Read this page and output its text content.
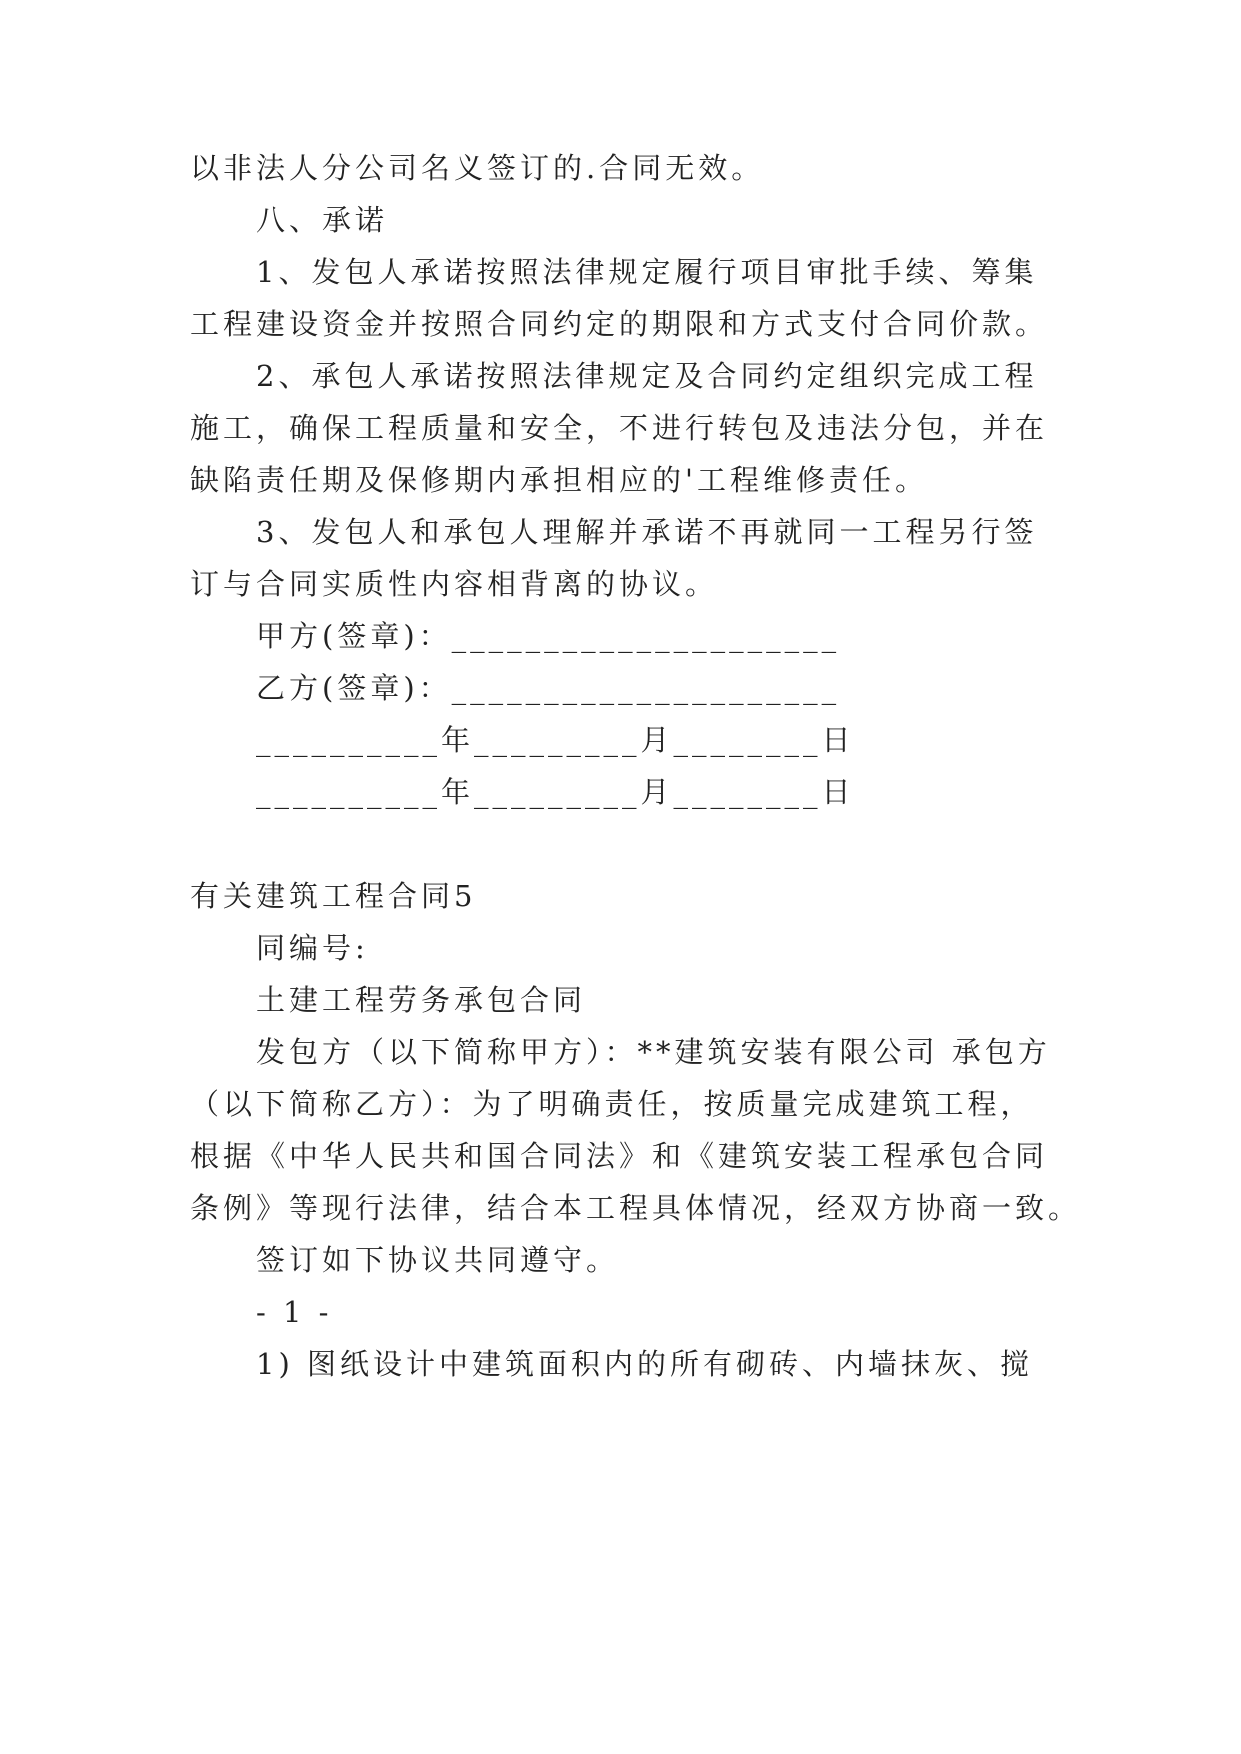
以非法人分公司名义签订的.合同无效。
八、承诺
1、发包人承诺按照法律规定履行项目审批手续、筹集
工程建设资金并按照合同约定的期限和方式支付合同价款。
2、承包人承诺按照法律规定及合同约定组织完成工程
施工，确保工程质量和安全，不进行转包及违法分包，并在
缺陷责任期及保修期内承担相应的'工程维修责任。
3、发包人和承包人理解并承诺不再就同一工程另行签
订与合同实质性内容相背离的协议。
甲方(签章)：_____________________
乙方(签章)：_____________________
__________年_________月________日
__________年_________月________日
有关建筑工程合同5
同编号:
土建工程劳务承包合同
发包方（以下简称甲方）：**建筑安装有限公司 承包方
（以下简称乙方）：为了明确责任，按质量完成建筑工程，
根据《中华人民共和国合同法》和《建筑安装工程承包合同
条例》等现行法律，结合本工程具体情况，经双方协商一致。
签订如下协议共同遵守。
- 1 -
1) 图纸设计中建筑面积内的所有砌砖、内墙抹灰、搅
